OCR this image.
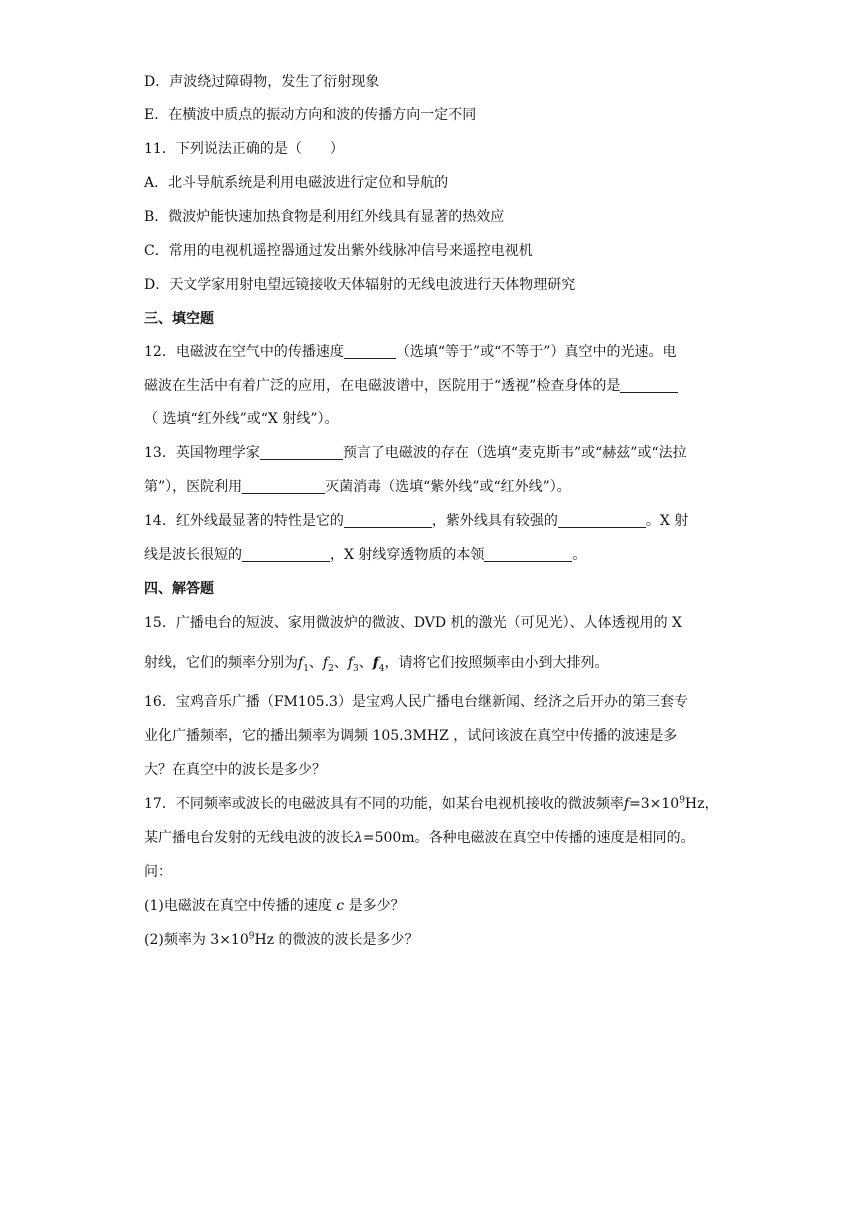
D．声波绕过障碍物，发生了衍射现象
E．在横波中质点的振动方向和波的传播方向一定不同
11．下列说法正确的是（　　）
A．北斗导航系统是利用电磁波进行定位和导航的
B．微波炉能快速加热食物是利用红外线具有显著的热效应
C．常用的电视机遥控器通过发出紫外线脉冲信号来遥控电视机
D．天文学家用射电望远镜接收天体辐射的无线电波进行天体物理研究
三、填空题
12．电磁波在空气中的传播速度	（选填“等于”或“不等于”）真空中的光速。电
磁波在生活中有着广泛的应用，在电磁波谱中，医院用于“透视”检查身体的是
（ 选填“红外线”或“X 射线”）。
13．英国物理学家	预言了电磁波的存在（选填“麦克斯韦”或“赫兹”或“法拉
第”），医院利用	灭菌消毒（选填“紫外线”或“红外线”）。
14．红外线最显著的特性是它的	，紫外线具有较强的	。X 射
线是波长很短的	，X 射线穿透物质的本领	。
四、解答题
15．广播电台的短波、家用微波炉的微波、DVD 机的激光（可见光）、人体透视用的 X
射线，它们的频率分别为$f_1$、$f_2$、$f_3$、$f_4$，请将它们按照频率由小到大排列。
16．宝鸡音乐广播（FM105.3）是宝鸡人民广播电台继新闻、经济之后开办的第三套专
业化广播频率，它的播出频率为调频 105.3MHZ ，试问该波在真空中传播的波速是多
大？在真空中的波长是多少？
17．不同频率或波长的电磁波具有不同的功能，如某台电视机接收的微波频率$f=3\times 10^9Hz$，
某广播电台发射的无线电波的波长λ=500m。各种电磁波在真空中传播的速度是相同的。
问：
(1)电磁波在真空中传播的速度 c 是多少？
(2)频率为 $3\times 10^9Hz$ 的微波的波长是多少？
